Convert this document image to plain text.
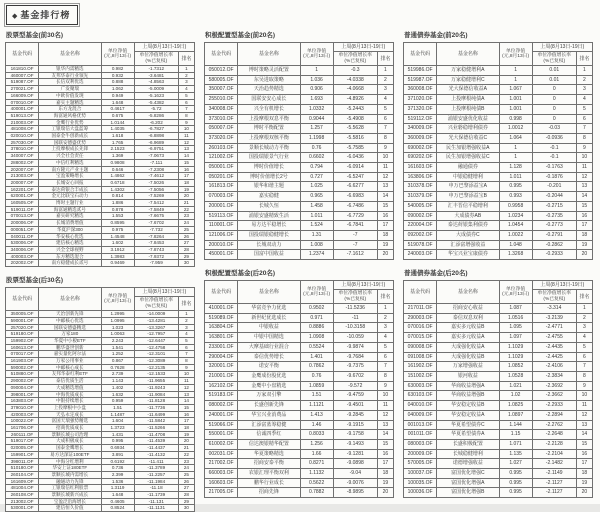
◆ 基金排行榜
股票型基金(前30名)
基金代码	基金名称	单位净值
(元,8月13日)	上周(8月13日-19日)	

			单位净值增长率
(%已复权)	排名
161810.OF	银华内需精选	0.982	-1.7312	1
460007.OF	友邦华泰行业领先	0.932	-3.6481	2
519087.OF	长信双利优选	0.888	-4.8563	3
270021.OF	广发聚瑞	1.062	-5.0009	4
166009.OF	中欧价值发现	0.949	-5.1623	5
070010.OF	嘉实主题精选	1.648	-5.4382	6
400001.OF	东方龙混合	0.4617	-5.72	7
519013.OF	海富通风格优势	0.675	-5.8286	8
210003.OF	金鹰行业优势	1.0144	-6.202	9
481008.OF	工银瑞信大盘蓝筹	1.4035	-6.7827	10
020010.OF	国泰金牛创新成长	1.618	-6.8898	11
257030.OF	国联安德盛优势	1.765	-6.9689	12
378010.OF	上投摩根成长先锋	2.1523	-6.9751	13
340007.OF	兴全社会责任	1.369	-7.0673	14
288002.OF	中信红利精选	0.9808	-7.111	15
202007.OF	南方隆元产业主题	0.646	-7.2308	16
213003.OF	宝盈策略增长	1.4862	-7.4612	17
200007.OF	长城安心回报	0.6718	-7.5026	18
162201.OF	泰达荷银合丰成长	1.4302	-7.5056	19
620001.OF	金元比联宝石动力	0.814	-7.5269	20
160505.OF	博时主题行业	1.886	-7.5412	21
519011.OF	海富通精选贰号	0.878	-7.5849	22
070013.OF	嘉实研究精选	1.553	-7.6675	23
200006.OF	长城消费增值	0.8595	-7.6702	24
000051.OF	华夏沪深300	0.975	-7.732	25
040011.OF	华安核心优选	1.4548	-7.8264	26
530006.OF	建信核心精选	1.602	-7.8453	27
340006.OF	兴全全球视野	3.1912	-7.8743	28
400003.OF	东方精选混合	1.3983	-7.9372	29
202002.OF	南方稳健成长贰号	0.9469	-7.959	30
股票型基金(后30名)
基金代码	基金名称	单位净值
(元,8月13日)	上周(8月13日-19日)	

			单位净值增长率
(%已复权)	排名
350005.OF	天治创新先锋	1.2995	-14.0009	1
590001.OF	中邮核心优选	1.0995	-13.4281	2
257020.OF	国联安德盛精选	1.023	-13.3267	3
519180.OF	万家180	1.0063	-12.7957	4
159902.OF	华夏中小板ETF	2.243	-12.6447	5
160613.OF	鹏华盛世创新	1.541	-12.4758	6
070017.OF	嘉实量化阿尔法	1.252	-12.3101	7
161903.OF	万家公用事业	0.867	-12.3089	8
590002.OF	中邮核心成长	0.7628	-12.2135	9
510880.OF	友邦华泰红利ETF	2.739	-12.1533	10
290002.OF	泰信优质生活	1.143	-11.9655	11
090004.OF	大成精选增值	1.402	-11.9243	12
398001.OF	中海优质成长	1.632	-11.9084	13
163803.OF	中银持续增长	0.959	-11.8128	14
379010.OF	上投摩根中小盘	1.51	-11.7736	15
420003.OF	天弘永定成长	1.1487	-11.6499	16
100022.OF	富国天瑞强势精选	1.604	-11.5842	17
161706.OF	招商优质成长	1.3723	-11.5266	18
260111.OF	景顺长城公司治理	1.431	-11.4708	19
519017.OF	大成积极成长	0.995	-11.4539	20
020005.OF	国泰金鹰增长	0.6934	-11.4437	21
159901.OF	易方达深证100ETF	3.891	-11.4132	22
398011.OF	中海分红增利	0.6192	-11.411	23
510180.OF	华安上证180ETF	0.736	-11.3789	24
260104.OF	景顺长城内需增长	2.399	-11.2257	25
161609.OF	融通动力先锋	1.536	-11.1984	26
481004.OF	工银瑞信红利股票	1.3119	-11.18	27
260108.OF	景顺长城新兴成长	1.648	-11.1739	28
213002.OF	宝盈泛沿海增长	0.4605	-11.131	29
530001.OF	建信恒久价值	0.8524	-11.1131	30
积极配置型基金(前20名)
基金代码	基金名称	单位净值
(元,8月13日)	上周(8月13日-19日)	

			单位净值增长率
(%已复权)	排名
050012.OF	博时策略灵活配置	1	-0.3	1
580005.OF	东吴进取策略	1.036	-4.0338	2
350007.OF	天治趋势精选	0.906	-4.0668	3
255010.OF	国联安安心成长	1.693	-4.8926	4
340008.OF	兴全有机增长	1.0332	-5.2443	5
373010.OF	上投摩根双息平衡	0.9044	-5.4908	6
050007.OF	博时平衡配置	1.257	-5.5628	7
373020.OF	上投摩根双核平衡	1.1998	-5.5816	8
260103.OF	景顺长城动力平衡	0.76	-5.7585	9
121002.OF	国投瑞银景气行业	0.6602	-6.0436	10
050001.OF	博时价值增长	0.794	-6.0914	11
050201.OF	博时价值增长2号	0.727	-6.5247	12
161813.OF	银华和谐主题	1.025	-6.6277	13
070003.OF	嘉实稳健	0.965	-6.6983	14
200001.OF	长城久恒	1.458	-6.7486	15
519113.OF	浦银安盛精致生活	1.011	-6.7729	16
110001.OF	易方达平稳增长	1.524	-6.7841	17
121006.OF	国投瑞银稳健增长	1.31	-7	18
200010.OF	长城双动力	1.008	-7	19
450001.OF	国富中国收益	1.2374	-7.1612	20
积极配置型基金(后20名)
基金代码	基金名称	单位净值
(元,8月13日)	上周(8月13日-19日)	

			单位净值增长率
(%已复权)	排名
410001.OF	华富竞争力优选	0.9502	-11.5236	1
519089.OF	新世纪优选成长	0.971	-11	2
163804.OF	中银收益	0.8886	-10.3158	3
163801.OF	中银中国精选	1.0908	-10.059	4
233001.OF	大摩基础行业混合	0.5524	-9.9874	5
290004.OF	泰信优势增长	1.401	-9.7684	6
320001.OF	诺安平衡	0.7862	-9.7375	7
210001.OF	金鹰成份股优选	0.76	-9.6702	8
162102.OF	金鹰中小盘精选	1.0859	-9.572	9
519183.OF	万家双引擎	1.51	-9.4759	10
080002.OF	长盛创新先锋	1.1121	-9.4501	11
240001.OF	华宝兴业消费品	1.413	-9.2845	12
519066.OF	汇添富蓝筹稳健	1.46	-9.1915	13
550001.OF	信诚四季红	0.8033	-9.1758	14
610002.OF	信达澳银精华配置	1.256	-9.1493	15
002031.OF	华夏策略精选	1.66	-9.1281	16
217002.OF	招商安泰平衡	0.8271	-9.0898	17
660003.OF	农银汇理平衡双利	1.1132	-9.04	18
160603.OF	鹏华行业成长	0.5622	-9.0076	19
217005.OF	招商先锋	0.7882	-8.9895	20
普通债券基金(前20名)
基金代码	基金名称	单位净值
(元,8月13日)	上周(8月13日-19日)	

			单位净值增长率
(%已复权)	排名
519986.OF	万家稳健增利A	1	0.01	1
519987.OF	万家稳健增利C	1	0.01	2
360008.OF	光大保德信收益A	1.067	0	3
371020.OF	上投摩根纯债A	1.001	0	4
371320.OF	上投摩根纯债B	1.001	0	5
519112.OF	浦银安盛优化收益	0.998	0	6
340009.OF	兴业磐稳增利债券	1.0012	-0.03	7
360009.OF	光大保德信收益C	1.064	-0.0936	8
690002.OF	民生加银增强收益A	1	-0.1	9
690202.OF	民生加银增强收益C	1	-0.1	10
161603.OF	融通债券	1.128	-0.1763	11
163806.OF	中银稳健增利	1.011	-0.1876	12
310378.OF	申万巴黎添益宝A	0.995	-0.201	13
310379.OF	申万巴黎添益宝B	0.993	-0.2044	14
540005.OF	汇丰晋信平稳增利	0.9958	-0.2715	15
090002.OF	大成债券AB	1.0234	-0.2735	16
220004.OF	泰达荷银集利债券	1.0454	-0.2773	17
092002.OF	大成债券C	1.0022	-0.2791	18
519078.OF	汇添富增强收益	1.048	-0.2862	19
240003.OF	华宝兴业宝康债券	1.3268	-0.2933	20
普通债券基金(后20名)
基金代码	基金名称	单位净值
(元,8月13日)	上周(8月13日-19日)	

			单位净值增长率
(%已复权)	排名
217011.OF	招商安心收益	1.087	-3.314	1
290003.OF	泰信双息双利	1.0516	-3.2139	2
070016.OF	嘉实多元收益B	1.095	-2.4771	3
070015.OF	嘉实多元收益A	1.097	-2.4755	4
090008.OF	大成强化收益A	1.1029	-2.4435	5
091008.OF	大成强化收益B	1.1029	-2.4425	6
161902.OF	万家增强收益	1.0852	-2.4106	7
151002.OF	银河收益	1.0528	-2.3834	8
630003.OF	华商收益增强A	1.021	-2.3692	9
630103.OF	华商收益增强B	1.02	-2.3662	10
040010.OF	华安稳定收益B	1.0825	-2.2933	11
040009.OF	华安稳定收益A	1.0897	-2.2894	12
001013.OF	华夏希望债券C	1.144	-2.2762	13
001011.OF	华夏希望债券A	1.15	-2.2648	14
080003.OF	长盛积极配置	1.071	-2.2128	15
200009.OF	长城稳健增利	1.135	-2.2104	16
570005.OF	诺德增强收益	1.027	-2.1482	17
100037.OF	富国优化增强C	0.995	-2.1149	18
100035.OF	富国优化增强A	0.995	-2.1127	19
100036.OF	富国优化增强B	0.995	-2.1127	20
